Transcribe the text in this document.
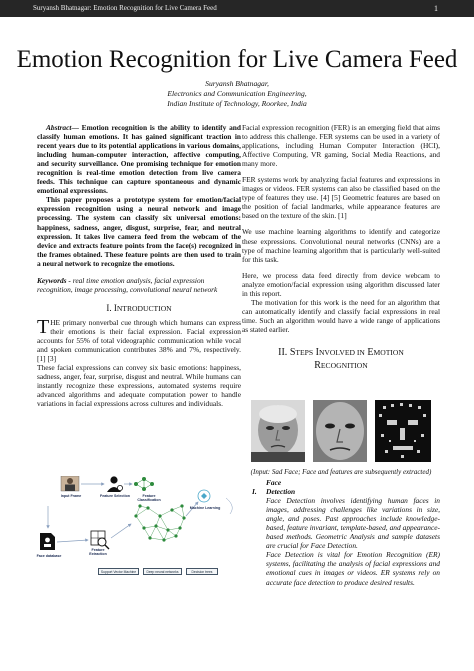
Suryansh Bhatnagar: Emotion Recognition for Live Camera Feed	1
Emotion Recognition for Live Camera Feed
Suryansh Bhatnagar,
Electronics and Communication Engineering,
Indian Institute of Technology, Roorkee, India

Abstract— Emotion recognition is the ability to identify and classify human emotions. It has gained significant traction in recent years due to its potential applications in various domains, including human-computer interaction, affective computing, and security surveillance. One promising technique for emotion recognition is real-time emotion detection from live camera feeds. This technique can capture spontaneous and dynamic emotional expressions.

This paper proposes a prototype system for emotion/facial expression recognition using a neural network and image processing. The system can classify six universal emotions: happiness, sadness, anger, disgust, surprise, fear, and neutral expression. It takes live camera feed from the webcam of the device and extracts feature points from the face(s) recognized in the frames obtained. These feature points are then used to train a neural network to recognize the emotions.

Keywords - real time emotion analysis, facial expression recognition, image processing, convolutional neural network
I. INTRODUCTION

THE primary nonverbal cue through which humans can express their emotions is their facial expression. Facial expression accounts for 55% of total videographic communication while vocal and spoken communication contributes 38% and 7%, respectively. [1] [3]

These facial expressions can convey six basic emotions: happiness, sadness, anger, fear, surprise, disgust and neutral. While humans can instantly recognize these expressions, automated systems require advanced algorithms and adequate computation power to handle variations in facial expressions across cultures and individuals.

Input Frame	Feature Selection	Feature
Classification
Machine Learning
Face database
Feature
Extraction
Support Vector Machine	Deep neural networks	Decision trees

Facial expression recognition (FER) is an emerging field that aims to address this challenge. FER systems can be used in a variety of applications, including Human Computer Interaction (HCI), Affective Computing, VR gaming, Social Media Reactions, and many more.

FER systems work by analyzing facial features and expressions in images or videos. FER systems can also be classified based on the type of features they use. [4] [5] Geometric features are based on the position of facial landmarks, while appearance features are based on the texture of the skin. [1]

We use machine learning algorithms to identify and categorize these expressions. Convolutional neural networks (CNNs) are a type of machine learning algorithm that is particularly well-suited for this task.

Here, we process data feed directly from device webcam to analyze emotion/facial expression using algorithm discussed later in this report.

The motivation for this work is the need for an algorithm that can automatically identify and classify facial expressions in real time. Such an algorithm would have a wide range of applications as stated earlier.

II. STEPS INVOLVED IN EMOTION
RECOGNITION
(Input: Sad Face; Face and features are subsequently extracted)
I.Face Detection
Face Detection involves identifying human faces in images, addressing challenges like variations in size, angle, and poses. Past approaches include knowledge-based, feature invariant, template-based, and appearance-based methods. Geometric Analysis and sample datasets are crucial for Face Detection.
Face Detection is vital for Emotion Recognition (ER) systems, facilitating the analysis of facial expressions and emotional cues in images or videos. ER systems rely on accurate face detection to produce desired results.
